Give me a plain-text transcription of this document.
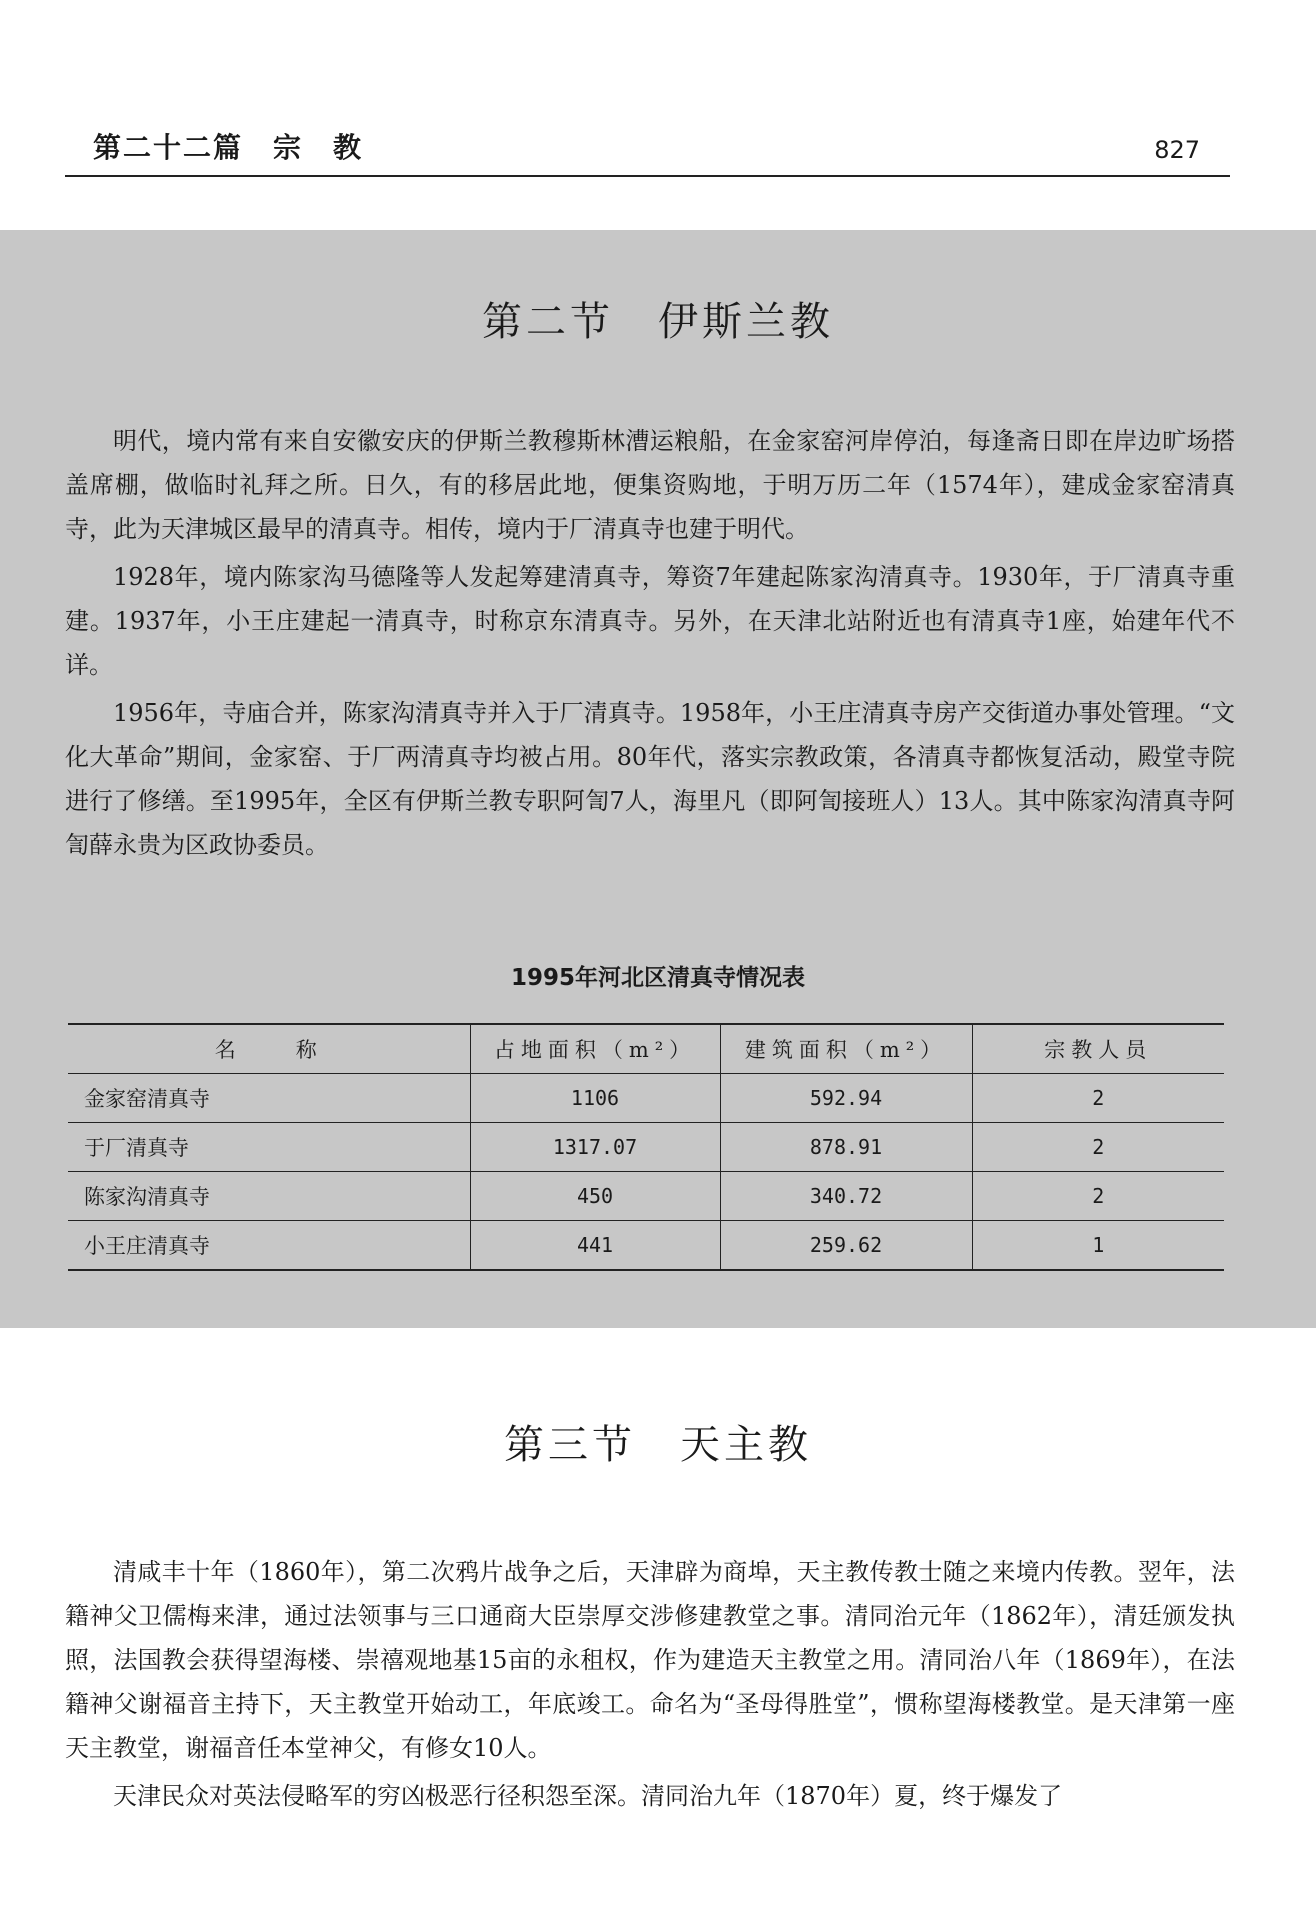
第二十二篇　宗　教	827
第二节　伊斯兰教

明代，境内常有来自安徽安庆的伊斯兰教穆斯林漕运粮船，在金家窑河岸停泊，每逢斋日即在岸边旷场搭盖席棚，做临时礼拜之所。日久，有的移居此地，便集资购地，于明万历二年（1574年），建成金家窑清真寺，此为天津城区最早的清真寺。相传，境内于厂清真寺也建于明代。

1928年，境内陈家沟马德隆等人发起筹建清真寺，筹资7年建起陈家沟清真寺。1930年，于厂清真寺重建。1937年，小王庄建起一清真寺，时称京东清真寺。另外，在天津北站附近也有清真寺1座，始建年代不详。

1956年，寺庙合并，陈家沟清真寺并入于厂清真寺。1958年，小王庄清真寺房产交街道办事处管理。“文化大革命”期间，金家窑、于厂两清真寺均被占用。80年代，落实宗教政策，各清真寺都恢复活动，殿堂寺院进行了修缮。至1995年，全区有伊斯兰教专职阿訇7人，海里凡（即阿訇接班人）13人。其中陈家沟清真寺阿訇薛永贵为区政协委员。

1995年河北区清真寺情况表
名　　称	占地面积（m²）	建筑面积（m²）	宗教人员
金家窑清真寺	1106	592.94	2
于厂清真寺	1317.07	878.91	2
陈家沟清真寺	450	340.72	2
小王庄清真寺	441	259.62	1
第三节　天主教

清咸丰十年（1860年），第二次鸦片战争之后，天津辟为商埠，天主教传教士随之来境内传教。翌年，法籍神父卫儒梅来津，通过法领事与三口通商大臣崇厚交涉修建教堂之事。清同治元年（1862年），清廷颁发执照，法国教会获得望海楼、崇禧观地基15亩的永租权，作为建造天主教堂之用。清同治八年（1869年），在法籍神父谢福音主持下，天主教堂开始动工，年底竣工。命名为“圣母得胜堂”，惯称望海楼教堂。是天津第一座天主教堂，谢福音任本堂神父，有修女10人。

天津民众对英法侵略军的穷凶极恶行径积怨至深。清同治九年（1870年）夏，终于爆发了
